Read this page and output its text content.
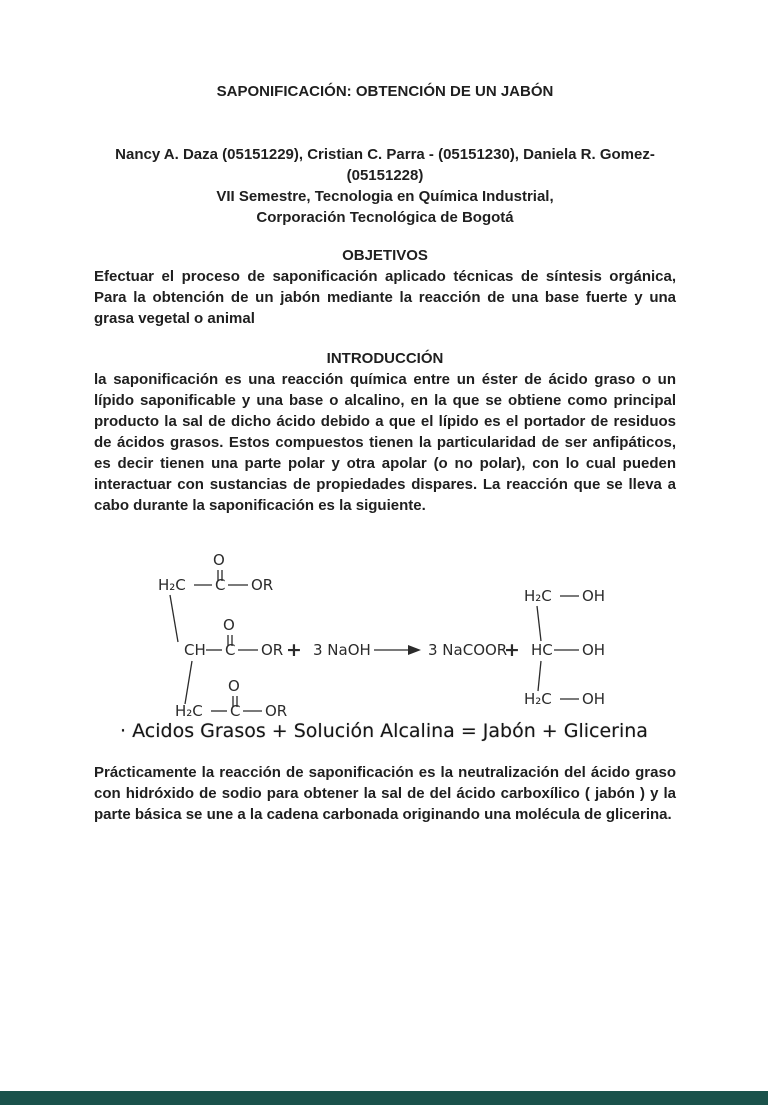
SAPONIFICACIÓN: OBTENCIÓN DE UN JABÓN
Nancy A. Daza (05151229), Cristian C. Parra - (05151230), Daniela R. Gomez-(05151228)
VII Semestre, Tecnologia en Química Industrial,
Corporación Tecnológica de Bogotá
OBJETIVOS

Efectuar el proceso de saponificación aplicado técnicas de síntesis orgánica, Para la obtención de un jabón mediante la reacción de una base fuerte y una grasa vegetal o animal

INTRODUCCIÓN

la saponificación es una reacción química entre un éster de ácido graso o un lípido saponificable y una base o alcalino, en la que se obtiene como principal producto la sal de dicho ácido debido a que el lípido es el portador de residuos de ácidos grasos. Estos compuestos tienen la particularidad de ser anfipáticos, es decir tienen una parte polar y otra apolar (o no polar), con lo cual pueden interactuar con sustancias de propiedades dispares. La reacción que se lleva a cabo durante la saponificación es la siguiente.

H₂C C
O
OR
CH C
O
OR
H₂C C
O
OR
+ 3 NaOH	3 NaCOOR
+
H₂C OH
HC OH
H₂C OH
· Acidos Grasos + Solución Alcalina = Jabón + Glicerina

Prácticamente la reacción de saponificación es la neutralización del ácido graso con hidróxido de sodio para obtener la sal de del ácido carboxílico ( jabón ) y la parte básica se une a la cadena carbonada originando una molécula de glicerina.
